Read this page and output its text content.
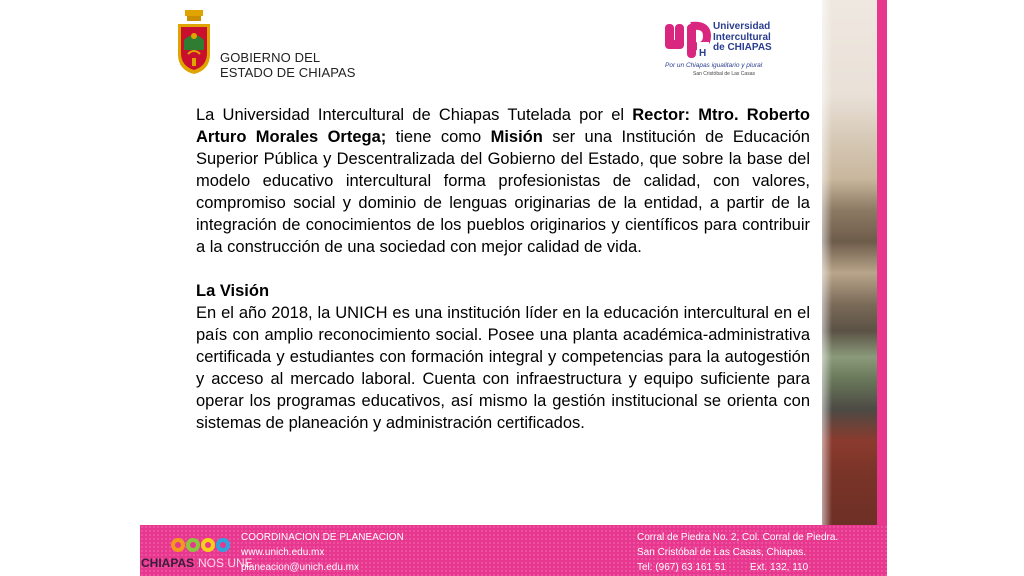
GOBIERNO DEL
ESTADO DE CHIAPAS
H
Universidad
Intercultural
de CHIAPAS
Por un Chiapas igualitario y plural
San Cristóbal de Las Casas

La Universidad Intercultural de Chiapas Tutelada por el Rector: Mtro. Roberto Arturo Morales Ortega; tiene como Misión ser una Institución de Educación Superior Pública y Descentralizada del Gobierno del Estado, que sobre la base del modelo educativo intercultural forma profesionistas de calidad, con valores, compromiso social y dominio de lenguas originarias de la entidad, a partir de la integración de conocimientos de los pueblos originarios y científicos para contribuir a la construcción de una sociedad con mejor calidad de vida.

La Visión

En el año 2018, la UNICH es una institución líder en la educación intercultural en el país con amplio reconocimiento social. Posee una planta académica-administrativa certificada y estudiantes con formación integral y competencias para la autogestión y acceso al mercado laboral. Cuenta con infraestructura y equipo suficiente para operar los programas educativos, así mismo la gestión institucional se orienta con sistemas de planeación y administración certificados.

CHIAPAS NOS UNE
COORDINACION DE PLANEACION
www.unich.edu.mx
planeacion@unich.edu.mx
Corral de Piedra No. 2, Col. Corral de Piedra.
San Cristóbal de Las Casas, Chiapas.
Tel: (967) 63 161 51 Ext. 132, 110
